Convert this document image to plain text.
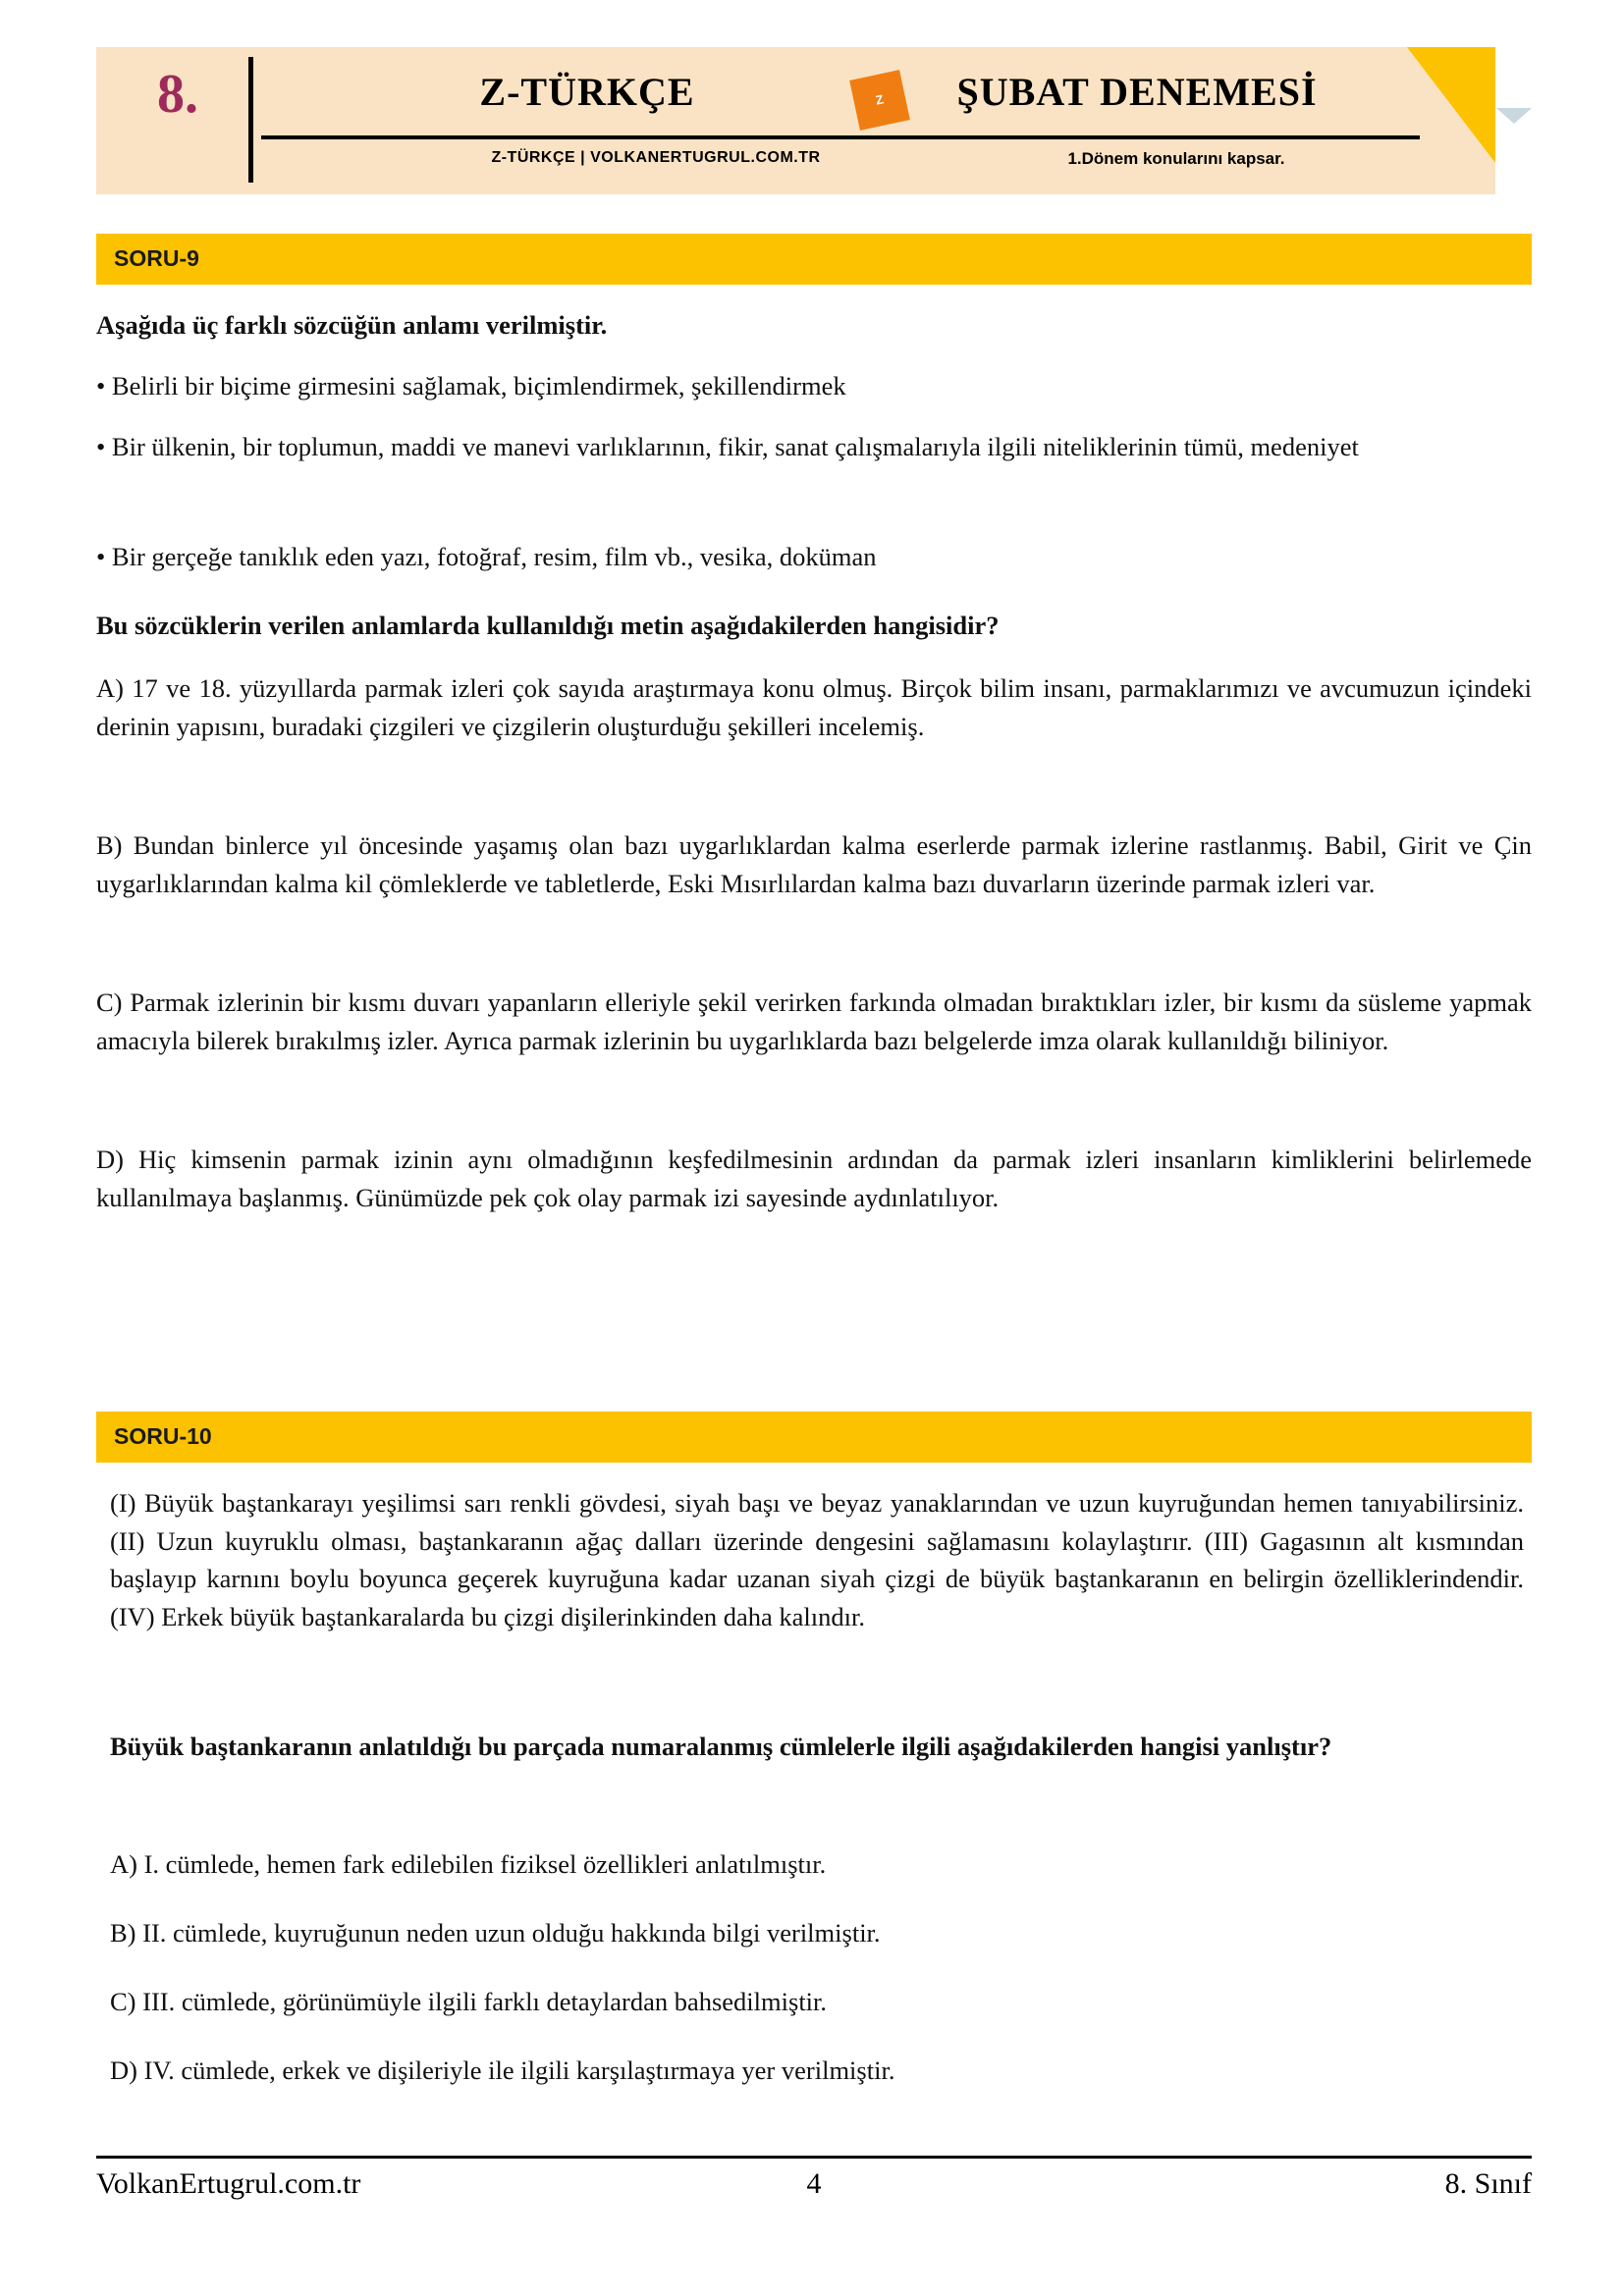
8.	Z-TÜRKÇE	Z	ŞUBAT DENEMESİ
Z-TÜRKÇE | VOLKANERTUGRUL.COM.TR	1.Dönem konularını kapsar.
SORU-9
Aşağıda üç farklı sözcüğün anlamı verilmiştir.
• Belirli bir biçime girmesini sağlamak, biçimlendirmek, şekillendirmek
• Bir ülkenin, bir toplumun, maddi ve manevi varlıklarının, fikir, sanat çalışmalarıyla ilgili niteliklerinin tümü, medeniyet
• Bir gerçeğe tanıklık eden yazı, fotoğraf, resim, film vb., vesika, doküman
Bu sözcüklerin verilen anlamlarda kullanıldığı metin aşağıdakilerden hangisidir?
A) 17 ve 18. yüzyıllarda parmak izleri çok sayıda araştırmaya konu olmuş. Birçok bilim insanı, parmaklarımızı ve avcumuzun içindeki derinin yapısını, buradaki çizgileri ve çizgilerin oluşturduğu şekilleri incelemiş.
B) Bundan binlerce yıl öncesinde yaşamış olan bazı uygarlıklardan kalma eserlerde parmak izlerine rastlanmış. Babil, Girit ve Çin uygarlıklarından kalma kil çömleklerde ve tabletlerde, Eski Mısırlılardan kalma bazı duvarların üzerinde parmak izleri var.
C) Parmak izlerinin bir kısmı duvarı yapanların elleriyle şekil verirken farkında olmadan bıraktıkları izler, bir kısmı da süsleme yapmak amacıyla bilerek bırakılmış izler. Ayrıca parmak izlerinin bu uygarlıklarda bazı belgelerde imza olarak kullanıldığı biliniyor.
D) Hiç kimsenin parmak izinin aynı olmadığının keşfedilmesinin ardından da parmak izleri insanların kimliklerini belirlemede kullanılmaya başlanmış. Günümüzde pek çok olay parmak izi sayesinde aydınlatılıyor.
SORU-10
(I) Büyük baştankarayı yeşilimsi sarı renkli gövdesi, siyah başı ve beyaz yanaklarından ve uzun kuyruğundan hemen tanıyabilirsiniz. (II) Uzun kuyruklu olması, baştankaranın ağaç dalları üzerinde dengesini sağlamasını kolaylaştırır. (III) Gagasının alt kısmından başlayıp karnını boylu boyunca geçerek kuyruğuna kadar uzanan siyah çizgi de büyük baştankaranın en belirgin özelliklerindendir. (IV) Erkek büyük baştankaralarda bu çizgi dişilerinkinden daha kalındır.
Büyük baştankaranın anlatıldığı bu parçada numaralanmış cümlelerle ilgili aşağıdakilerden hangisi yanlıştır?
A) I. cümlede, hemen fark edilebilen fiziksel özellikleri anlatılmıştır.
B) II. cümlede, kuyruğunun neden uzun olduğu hakkında bilgi verilmiştir.
C) III. cümlede, görünümüyle ilgili farklı detaylardan bahsedilmiştir.
D) IV. cümlede, erkek ve dişileriyle ile ilgili karşılaştırmaya yer verilmiştir.
VolkanErtugrul.com.tr	4	8. Sınıf
